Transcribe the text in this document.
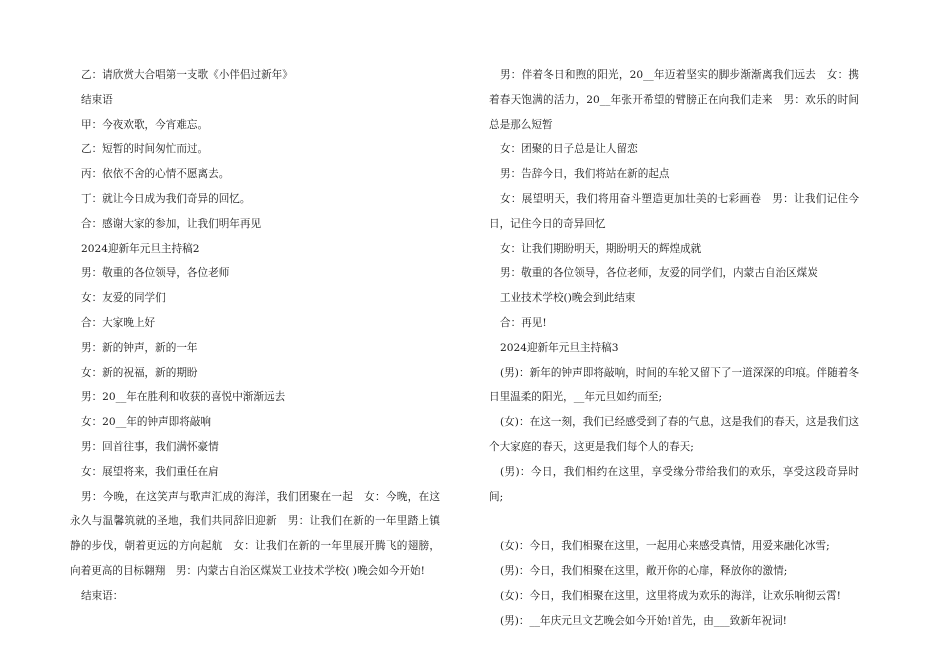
乙：请欣赏大合唱第一支歌《小伴侣过新年》

结束语

甲：今夜欢歌，今宵难忘。

乙：短暂的时间匆忙而过。

丙：依依不舍的心情不愿离去。

丁：就让今日成为我们奇异的回忆。

合：感谢大家的参加，让我们明年再见

2024迎新年元旦主持稿2

男：敬重的各位领导，各位老师

女：友爱的同学们

合：大家晚上好

男：新的钟声，新的一年

女：新的祝福，新的期盼

男：20__年在胜利和收获的喜悦中渐渐远去

女：20__年的钟声即将敲响

男：回首往事，我们满怀豪情

女：展望将来，我们重任在肩

男：今晚，在这笑声与歌声汇成的海洋，我们团聚在一起　女：今晚，在这永久与温馨筑就的圣地，我们共同辞旧迎新　男：让我们在新的一年里踏上镇静的步伐，朝着更远的方向起航　女：让我们在新的一年里展开腾飞的翅膀，向着更高的目标翱翔　男：内蒙古自治区煤炭工业技术学校( )晚会如今开始!

结束语：

男：伴着冬日和煦的阳光，20__年迈着坚实的脚步渐渐离我们远去　女：携着春天饱满的活力，20__年张开希望的臂膀正在向我们走来　男：欢乐的时间总是那么短暂

女：团聚的日子总是让人留恋

男：告辞今日，我们将站在新的起点

女：展望明天，我们将用奋斗塑造更加壮美的七彩画卷　男：让我们记住今日，记住今日的奇异回忆

女：让我们期盼明天，期盼明天的辉煌成就

男：敬重的各位领导，各位老师，友爱的同学们，内蒙古自治区煤炭

工业技术学校()晚会到此结束

合：再见!

2024迎新年元旦主持稿3

(男)：新年的钟声即将敲响，时间的车轮又留下了一道深深的印痕。伴随着冬日里温柔的阳光，__年元旦如约而至;

(女)：在这一刻，我们已经感受到了春的气息，这是我们的春天，这是我们这个大家庭的春天，这更是我们每个人的春天;

(男)：今日，我们相约在这里，享受缘分带给我们的欢乐，享受这段奇异时间;

(女)：今日，我们相聚在这里，一起用心来感受真情，用爱来融化冰雪;

(男)：今日，我们相聚在这里，敞开你的心扉，释放你的激情;

(女)：今日，我们相聚在这里，这里将成为欢乐的海洋，让欢乐响彻云霄!

(男)：__年庆元旦文艺晚会如今开始!首先，由___致新年祝词!
